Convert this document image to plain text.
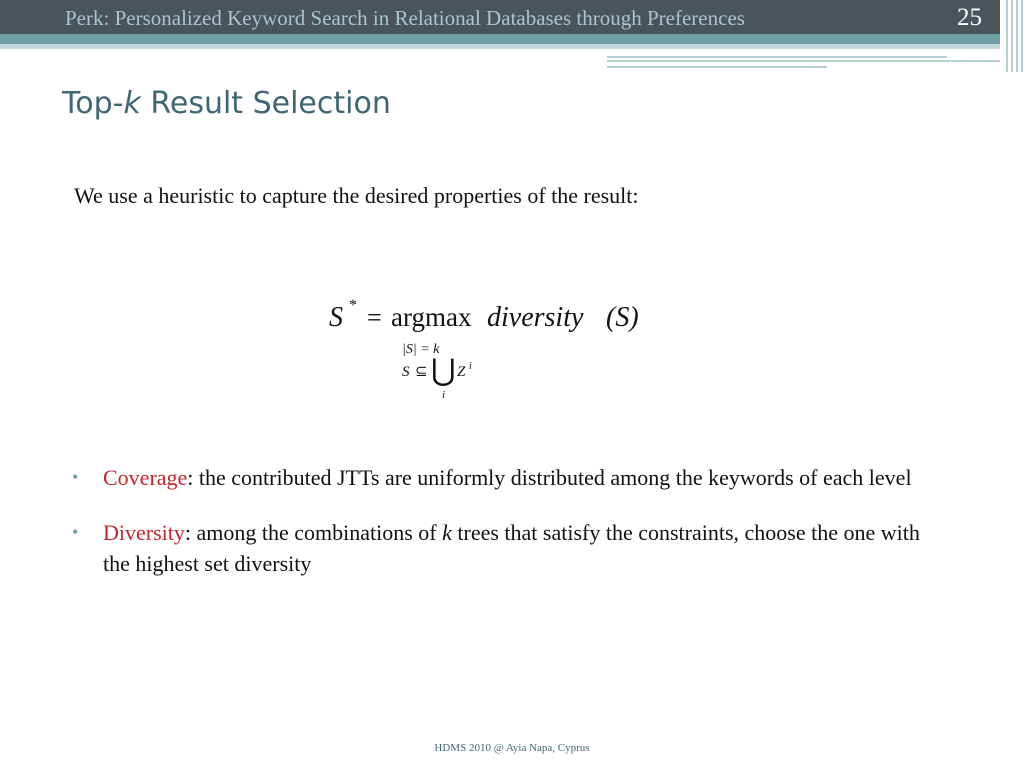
Perk: Personalized Keyword Search in Relational Databases through Preferences	25
Top-k Result Selection
We use a heuristic to capture the desired properties of the result:
S * = argmax diversity (S)
|S| = k
S ⊆ ⋃ Z i
i
• Coverage: the contributed JTTs are uniformly distributed among the keywords of each level
• Diversity: among the combinations of k trees that satisfy the constraints, choose the one with the highest set diversity
HDMS 2010 @ Ayia Napa, Cyprus
